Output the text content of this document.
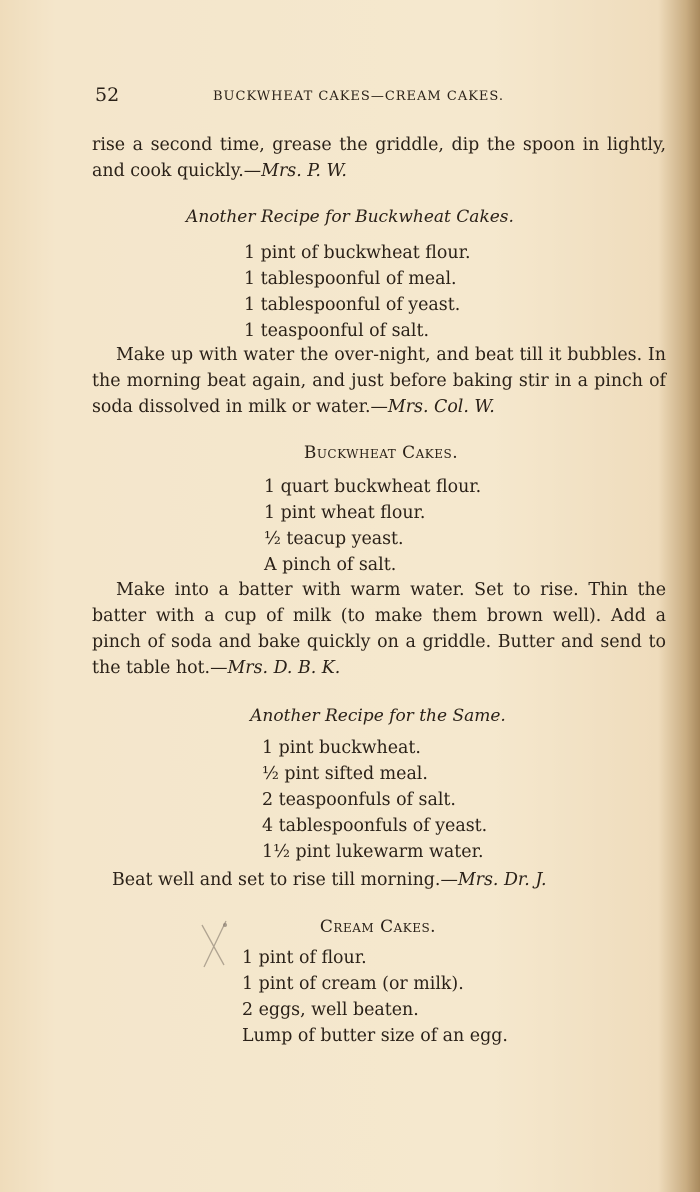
52	BUCKWHEAT CAKES—CREAM CAKES.
rise a second time, grease the griddle, dip the spoon in lightly, and cook quickly.—Mrs. P. W.
Another Recipe for Buckwheat Cakes.
1 pint of buckwheat flour.
1 tablespoonful of meal.
1 tablespoonful of yeast.
1 teaspoonful of salt.
Make up with water the over-night, and beat till it bubbles. In the morning beat again, and just before baking stir in a pinch of soda dissolved in milk or water.—Mrs. Col. W.
Buckwheat Cakes.
1 quart buckwheat flour.
1 pint wheat flour.
½ teacup yeast.
A pinch of salt.
Make into a batter with warm water. Set to rise. Thin the batter with a cup of milk (to make them brown well). Add a pinch of soda and bake quickly on a griddle. Butter and send to the table hot.—Mrs. D. B. K.
Another Recipe for the Same.
1 pint buckwheat.
½ pint sifted meal.
2 teaspoonfuls of salt.
4 tablespoonfuls of yeast.
1½ pint lukewarm water.
Beat well and set to rise till morning.—Mrs. Dr. J.
Cream Cakes.
1 pint of flour.
1 pint of cream (or milk).
2 eggs, well beaten.
Lump of butter size of an egg.
